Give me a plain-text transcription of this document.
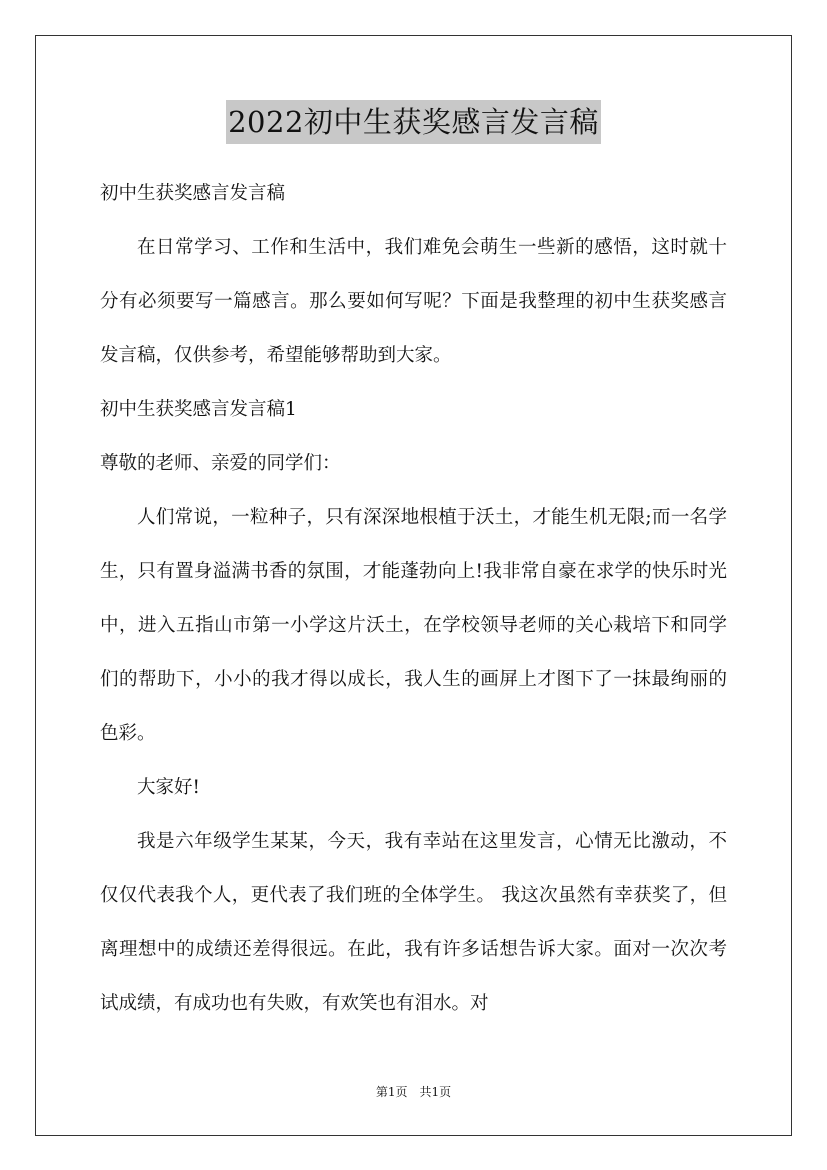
2022初中生获奖感言发言稿

初中生获奖感言发言稿

在日常学习、工作和生活中，我们难免会萌生一些新的感悟，这时就十分有必须要写一篇感言。那么要如何写呢？下面是我整理的初中生获奖感言发言稿，仅供参考，希望能够帮助到大家。

初中生获奖感言发言稿1

尊敬的老师、亲爱的同学们：

人们常说，一粒种子，只有深深地根植于沃土，才能生机无限;而一名学生，只有置身溢满书香的氛围，才能蓬勃向上!我非常自豪在求学的快乐时光中，进入五指山市第一小学这片沃土，在学校领导老师的关心栽培下和同学们的帮助下，小小的我才得以成长，我人生的画屏上才图下了一抹最绚丽的色彩。

大家好!

我是六年级学生某某，今天，我有幸站在这里发言，心情无比激动，不仅仅代表我个人，更代表了我们班的全体学生。 我这次虽然有幸获奖了，但离理想中的成绩还差得很远。在此，我有许多话想告诉大家。面对一次次考试成绩，有成功也有失败，有欢笑也有泪水。对

第1页　共1页
